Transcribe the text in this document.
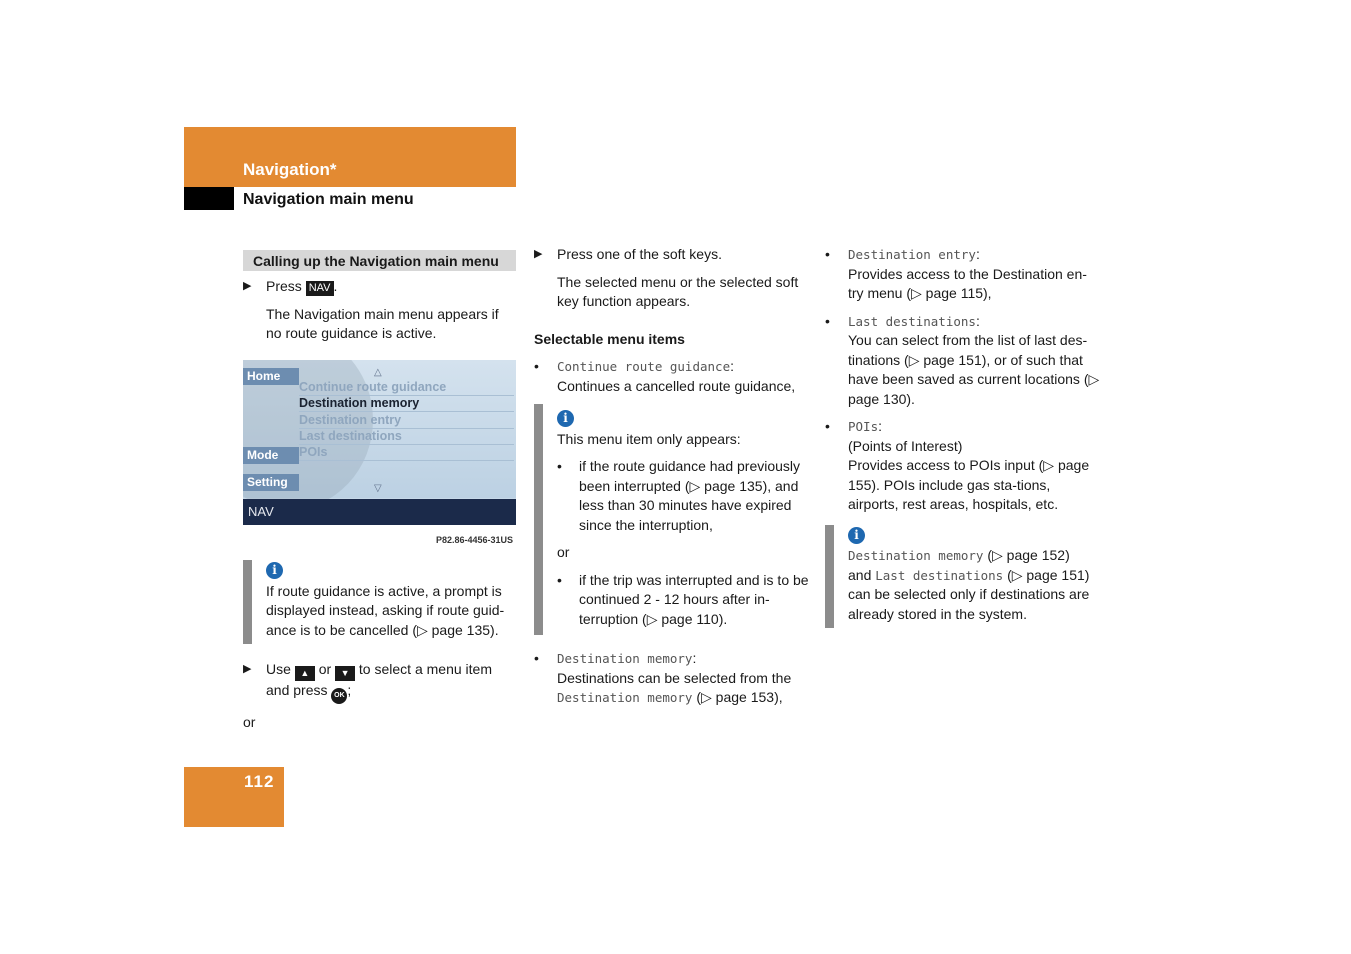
Navigation*
Navigation main menu
Calling up the Navigation main menu
▶ Press NAV .
The Navigation main menu appears if no route guidance is active.
△
Home
Mode
Setting
Continue route guidance
Destination memory
Destination entry
Last destinations
POIs
▽
NAV
P82.86-4456-31US
i
If route guidance is active, a prompt is displayed instead, asking if route guid-ance is to be cancelled (▷ page 135).
▶ Use ▲ or ▼ to select a menu item
and press OK ;
or
▶ Press one of the soft keys.
The selected menu or the selected soft key function appears.
Selectable menu items
• Continue route guidance:
Continues a cancelled route guidance,
i
This menu item only appears:
• if the route guidance had previously been interrupted (▷ page 135), and less than 30 minutes have expired since the interruption,
or
• if the trip was interrupted and is to be continued 2 - 12 hours after in-terruption (▷ page 110).
• Destination memory:
Destinations can be selected from the
Destination memory (▷ page 153),
• Destination entry:
Provides access to the Destination en-try menu (▷ page 115),
• Last destinations:
You can select from the list of last des-tinations (▷ page 151), or of such that have been saved as current locations (▷ page 130).
• POIs:
(Points of Interest)
Provides access to POIs input (▷ page 155). POIs include gas sta-tions, airports, rest areas, hospitals, etc.
i
Destination memory (▷ page 152)
and Last destinations (▷ page 151)
can be selected only if destinations are already stored in the system.
112
